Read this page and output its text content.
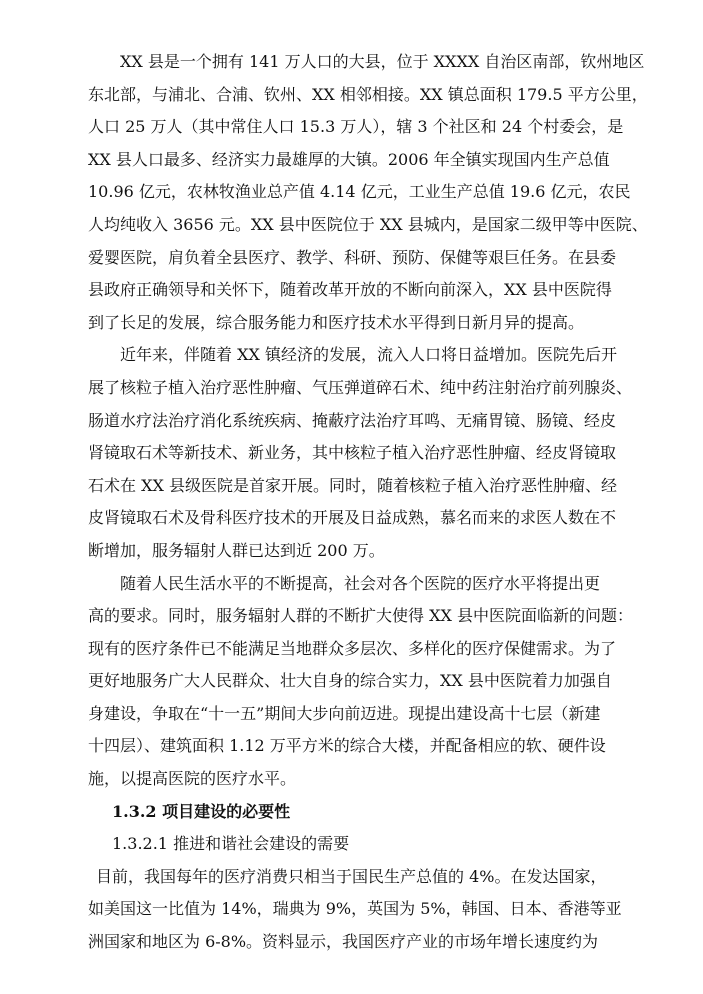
XX 县是一个拥有 141 万人口的大县，位于 XXXX 自治区南部，钦州地区
东北部，与浦北、合浦、钦州、XX 相邻相接。XX 镇总面积 179.5 平方公里，
人口 25 万人（其中常住人口 15.3 万人），辖 3 个社区和 24 个村委会，是
XX 县人口最多、经济实力最雄厚的大镇。2006 年全镇实现国内生产总值
10.96 亿元，农林牧渔业总产值 4.14 亿元，工业生产总值 19.6 亿元，农民
人均纯收入 3656 元。XX 县中医院位于 XX 县城内，是国家二级甲等中医院、
爱婴医院，肩负着全县医疗、教学、科研、预防、保健等艰巨任务。在县委
县政府正确领导和关怀下，随着改革开放的不断向前深入，XX 县中医院得
到了长足的发展，综合服务能力和医疗技术水平得到日新月异的提高。
近年来，伴随着 XX 镇经济的发展，流入人口将日益增加。医院先后开
展了核粒子植入治疗恶性肿瘤、气压弹道碎石术、纯中药注射治疗前列腺炎、
肠道水疗法治疗消化系统疾病、掩蔽疗法治疗耳鸣、无痛胃镜、肠镜、经皮
肾镜取石术等新技术、新业务，其中核粒子植入治疗恶性肿瘤、经皮肾镜取
石术在 XX 县级医院是首家开展。同时，随着核粒子植入治疗恶性肿瘤、经
皮肾镜取石术及骨科医疗技术的开展及日益成熟，慕名而来的求医人数在不
断增加，服务辐射人群已达到近 200 万。
随着人民生活水平的不断提高，社会对各个医院的医疗水平将提出更
高的要求。同时，服务辐射人群的不断扩大使得 XX 县中医院面临新的问题：
现有的医疗条件已不能满足当地群众多层次、多样化的医疗保健需求。为了
更好地服务广大人民群众、壮大自身的综合实力，XX 县中医院着力加强自
身建设，争取在“十一五”期间大步向前迈进。现提出建设高十七层（新建
十四层）、建筑面积 1.12 万平方米的综合大楼，并配备相应的软、硬件设
施，以提高医院的医疗水平。
1.3.2 项目建设的必要性
1.3.2.1 推进和谐社会建设的需要
目前，我国每年的医疗消费只相当于国民生产总值的 4%。在发达国家，
如美国这一比值为 14%，瑞典为 9%，英国为 5%，韩国、日本、香港等亚
洲国家和地区为 6-8%。资料显示，我国医疗产业的市场年增长速度约为
